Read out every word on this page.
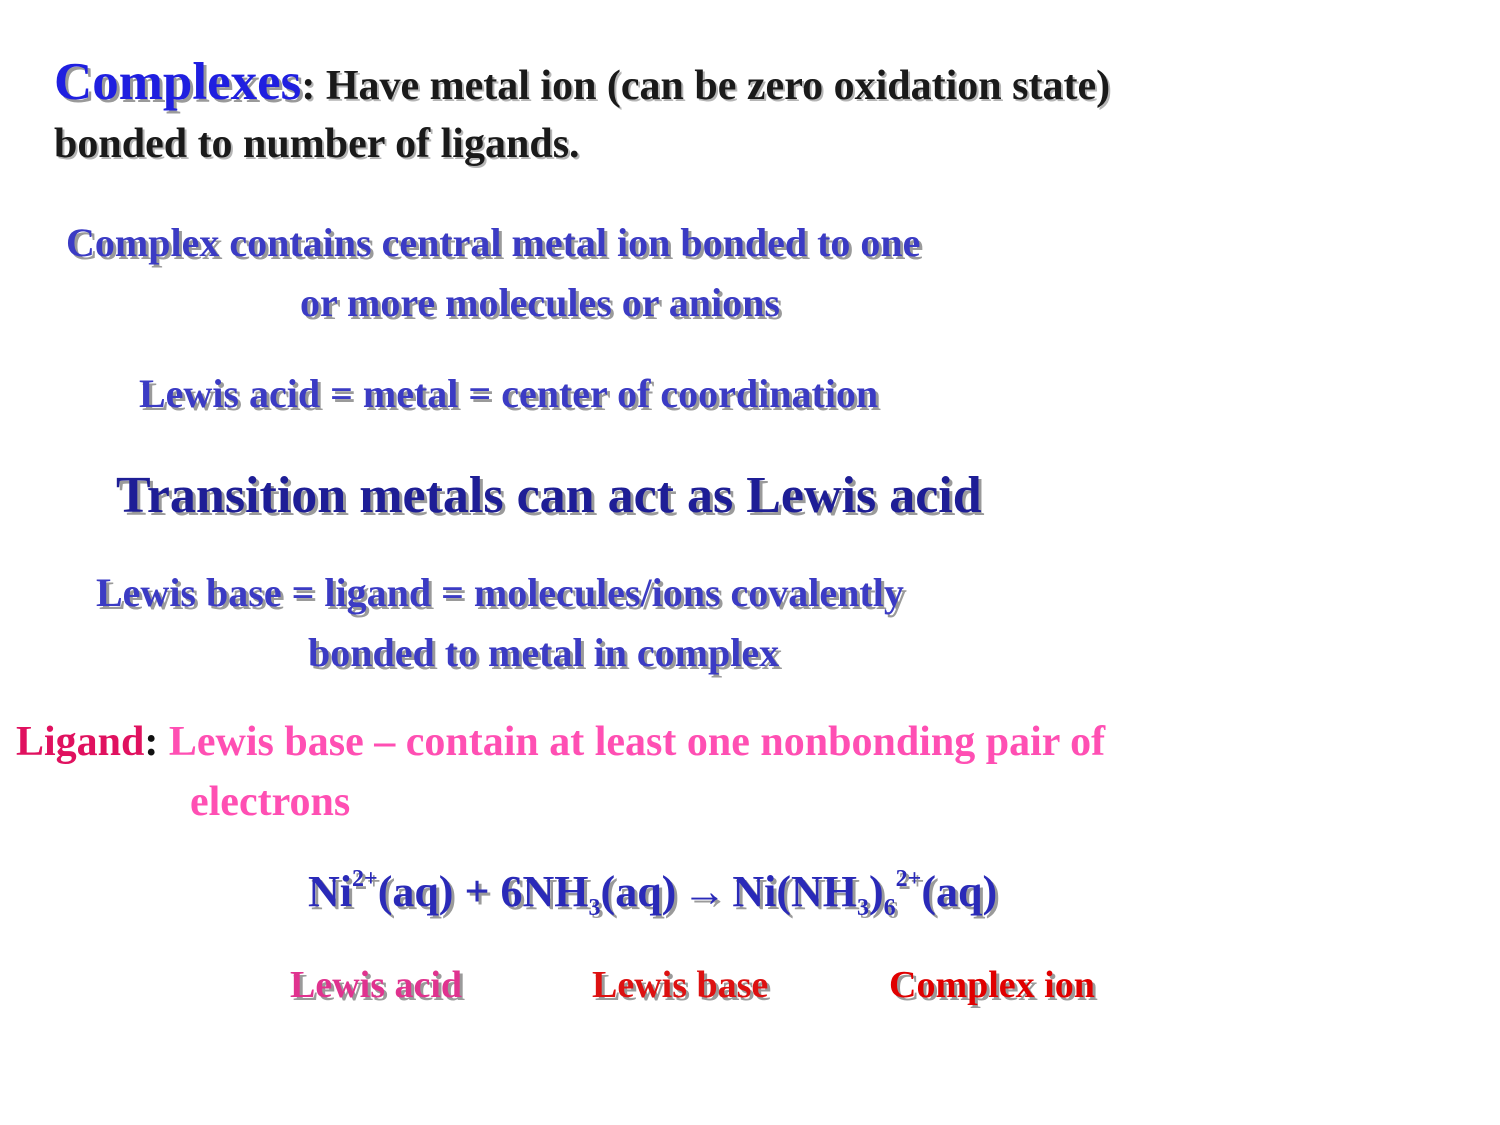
Complexes: Have metal ion (can be zero oxidation state)
bonded to number of ligands.
Complex contains central metal ion bonded to one
or more molecules or anions
Lewis acid = metal = center of coordination
Transition metals can act as Lewis acid
Lewis base = ligand = molecules/ions covalently
bonded to metal in complex
Ligand: Lewis base – contain at least one nonbonding pair of
electrons
$Ni^{2+}(aq) + 6NH_3(aq) \to Ni(NH_3)_6^{2+}(aq)$
Lewis acid	Lewis base	Complex ion
